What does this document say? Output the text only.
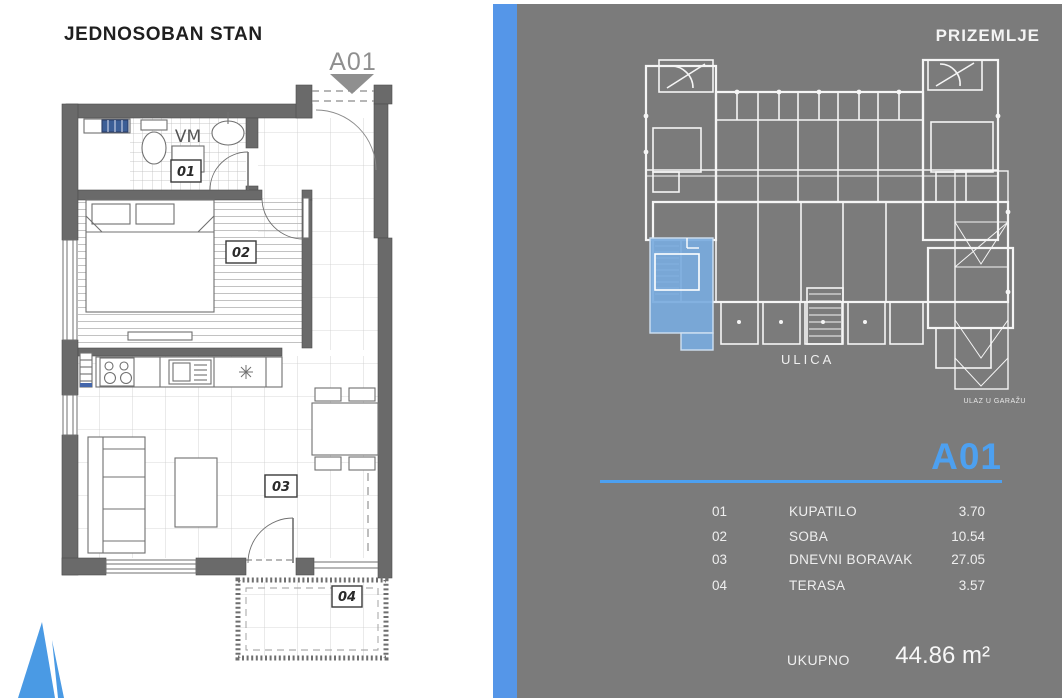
JEDNOSOBAN STAN
A01
01
02
03
04
VM
PRIZEMLJE
ULICA
ULAZ U GARAŽU
A01
01	KUPATILO	3.70
02	SOBA	10.54
03	DNEVNI BORAVAK	27.05
04	TERASA	3.57
UKUPNO	44.86 m²
